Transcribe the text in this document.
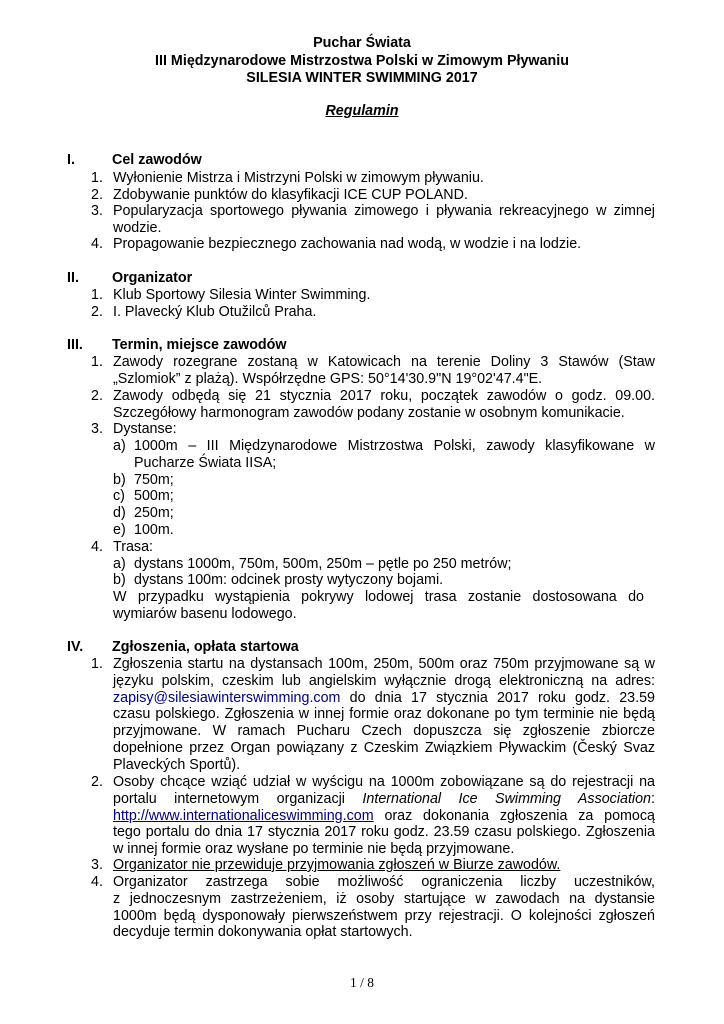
Puchar Świata
III Międzynarodowe Mistrzostwa Polski w Zimowym Pływaniu
SILESIA WINTER SWIMMING 2017
Regulamin
I.	Cel zawodów
1. Wyłonienie Mistrza i Mistrzyni Polski w zimowym pływaniu.
2. Zdobywanie punktów do klasyfikacji ICE CUP POLAND.
3. Popularyzacja sportowego pływania zimowego i pływania rekreacyjnego w zimnej
wodzie.
4. Propagowanie bezpiecznego zachowania nad wodą, w wodzie i na lodzie.
II. Organizator
1. Klub Sportowy Silesia Winter Swimming.
2. I. Plavecký Klub Otužilců Praha.
III. Termin, miejsce zawodów
1. Zawody rozegrane zostaną w Katowicach na terenie Doliny 3 Stawów (Staw
„Szlomiok” z plażą). Współrzędne GPS: 50°14'30.9"N 19°02'47.4"E.
2. Zawody odbędą się 21 stycznia 2017 roku, początek zawodów o godz. 09.00.
Szczegółowy harmonogram zawodów podany zostanie w osobnym komunikacie.
3. Dystanse:
a) 1000m – III Międzynarodowe Mistrzostwa Polski, zawody klasyfikowane w
Pucharze Świata IISA;
b) 750m;
c) 500m;
d) 250m;
e) 100m.
4. Trasa:
a) dystans 1000m, 750m, 500m, 250m – pętle po 250 metrów;
b) dystans 100m: odcinek prosty wytyczony bojami.
W przypadku wystąpienia pokrywy lodowej trasa zostanie dostosowana do
wymiarów basenu lodowego.
IV. Zgłoszenia, opłata startowa
1. Zgłoszenia startu na dystansach 100m, 250m, 500m oraz 750m przyjmowane są w
języku polskim, czeskim lub angielskim wyłącznie drogą elektroniczną na adres:
zapisy@silesiawinterswimming.com do dnia 17 stycznia 2017 roku godz. 23.59
czasu polskiego. Zgłoszenia w innej formie oraz dokonane po tym terminie nie będą
przyjmowane. W ramach Pucharu Czech dopuszcza się zgłoszenie zbiorcze
dopełnione przez Organ powiązany z Czeskim Związkiem Pływackim (Český Svaz
Plaveckých Sportů).
2. Osoby chcące wziąć udział w wyścigu na 1000m zobowiązane są do rejestracji na
portalu internetowym organizacji International Ice Swimming Association:
http://www.internationaliceswimming.com oraz dokonania zgłoszenia za pomocą
tego portalu do dnia 17 stycznia 2017 roku godz. 23.59 czasu polskiego. Zgłoszenia
w innej formie oraz wysłane po terminie nie będą przyjmowane.
3. Organizator nie przewiduje przyjmowania zgłoszeń w Biurze zawodów.
4. Organizator zastrzega sobie możliwość ograniczenia liczby uczestników,
z jednoczesnym zastrzeżeniem, iż osoby startujące w zawodach na dystansie
1000m będą dysponowały pierwszeństwem przy rejestracji. O kolejności zgłoszeń
decyduje termin dokonywania opłat startowych.
1 / 8
